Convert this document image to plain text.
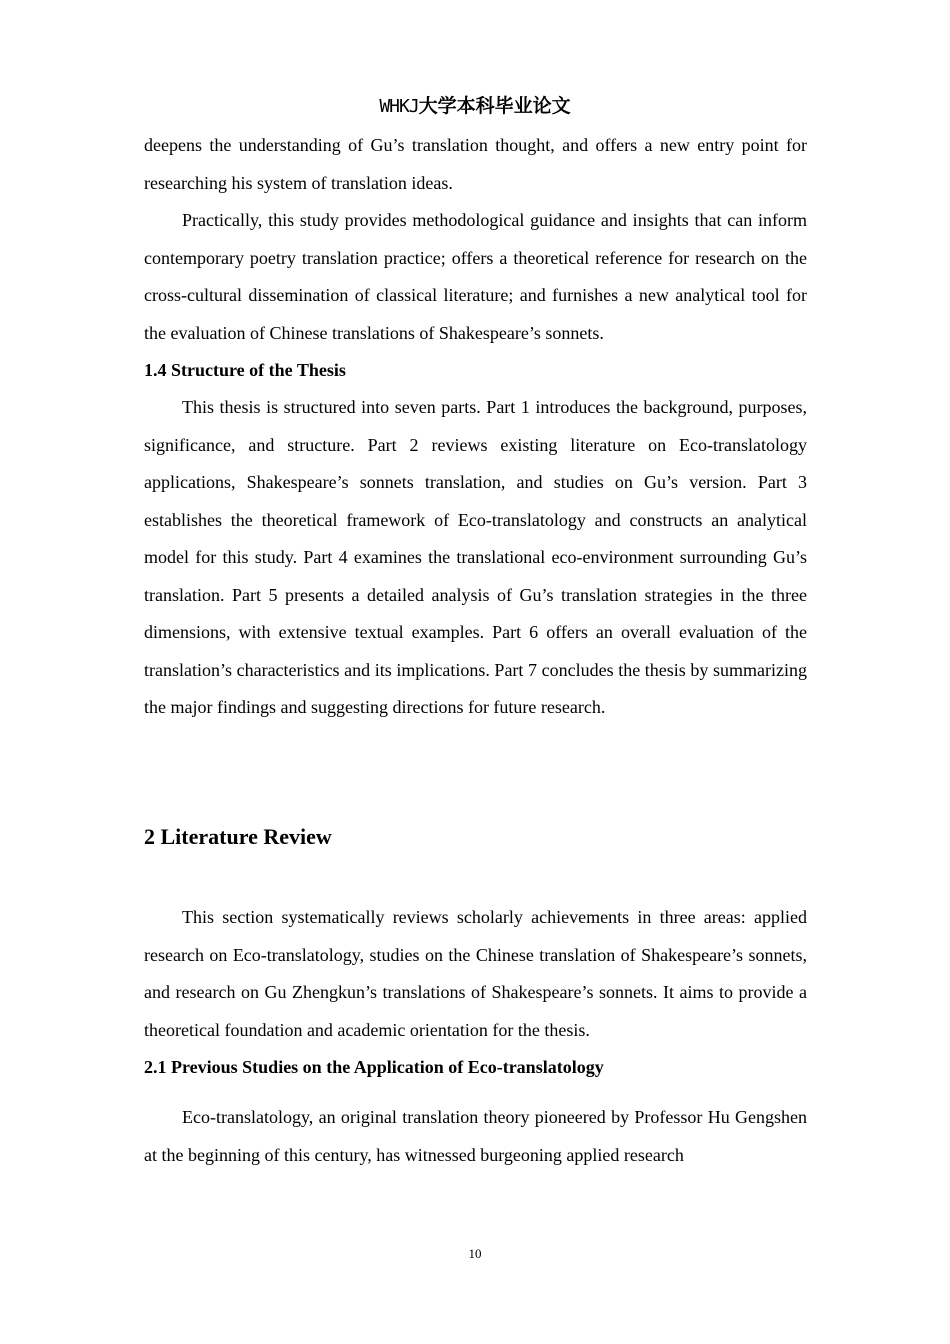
WHKJ大学本科毕业论文

deepens the understanding of Gu’s translation thought, and offers a new entry point for researching his system of translation ideas.

Practically, this study provides methodological guidance and insights that can inform contemporary poetry translation practice; offers a theoretical reference for research on the cross-cultural dissemination of classical literature; and furnishes a new analytical tool for the evaluation of Chinese translations of Shakespeare’s sonnets.

1.4 Structure of the Thesis

This thesis is structured into seven parts. Part 1 introduces the background, purposes, significance, and structure. Part 2 reviews existing literature on Eco-translatology applications, Shakespeare’s sonnets translation, and studies on Gu’s version. Part 3 establishes the theoretical framework of Eco-translatology and constructs an analytical model for this study. Part 4 examines the translational eco-environment surrounding Gu’s translation. Part 5 presents a detailed analysis of Gu’s translation strategies in the three dimensions, with extensive textual examples. Part 6 offers an overall evaluation of the translation’s characteristics and its implications. Part 7 concludes the thesis by summarizing the major findings and suggesting directions for future research.

2 Literature Review

This section systematically reviews scholarly achievements in three areas: applied research on Eco-translatology, studies on the Chinese translation of Shakespeare’s sonnets, and research on Gu Zhengkun’s translations of Shakespeare’s sonnets. It aims to provide a theoretical foundation and academic orientation for the thesis.

2.1 Previous Studies on the Application of Eco-translatology

Eco-translatology, an original translation theory pioneered by Professor Hu Gengshen at the beginning of this century, has witnessed burgeoning applied research

10
